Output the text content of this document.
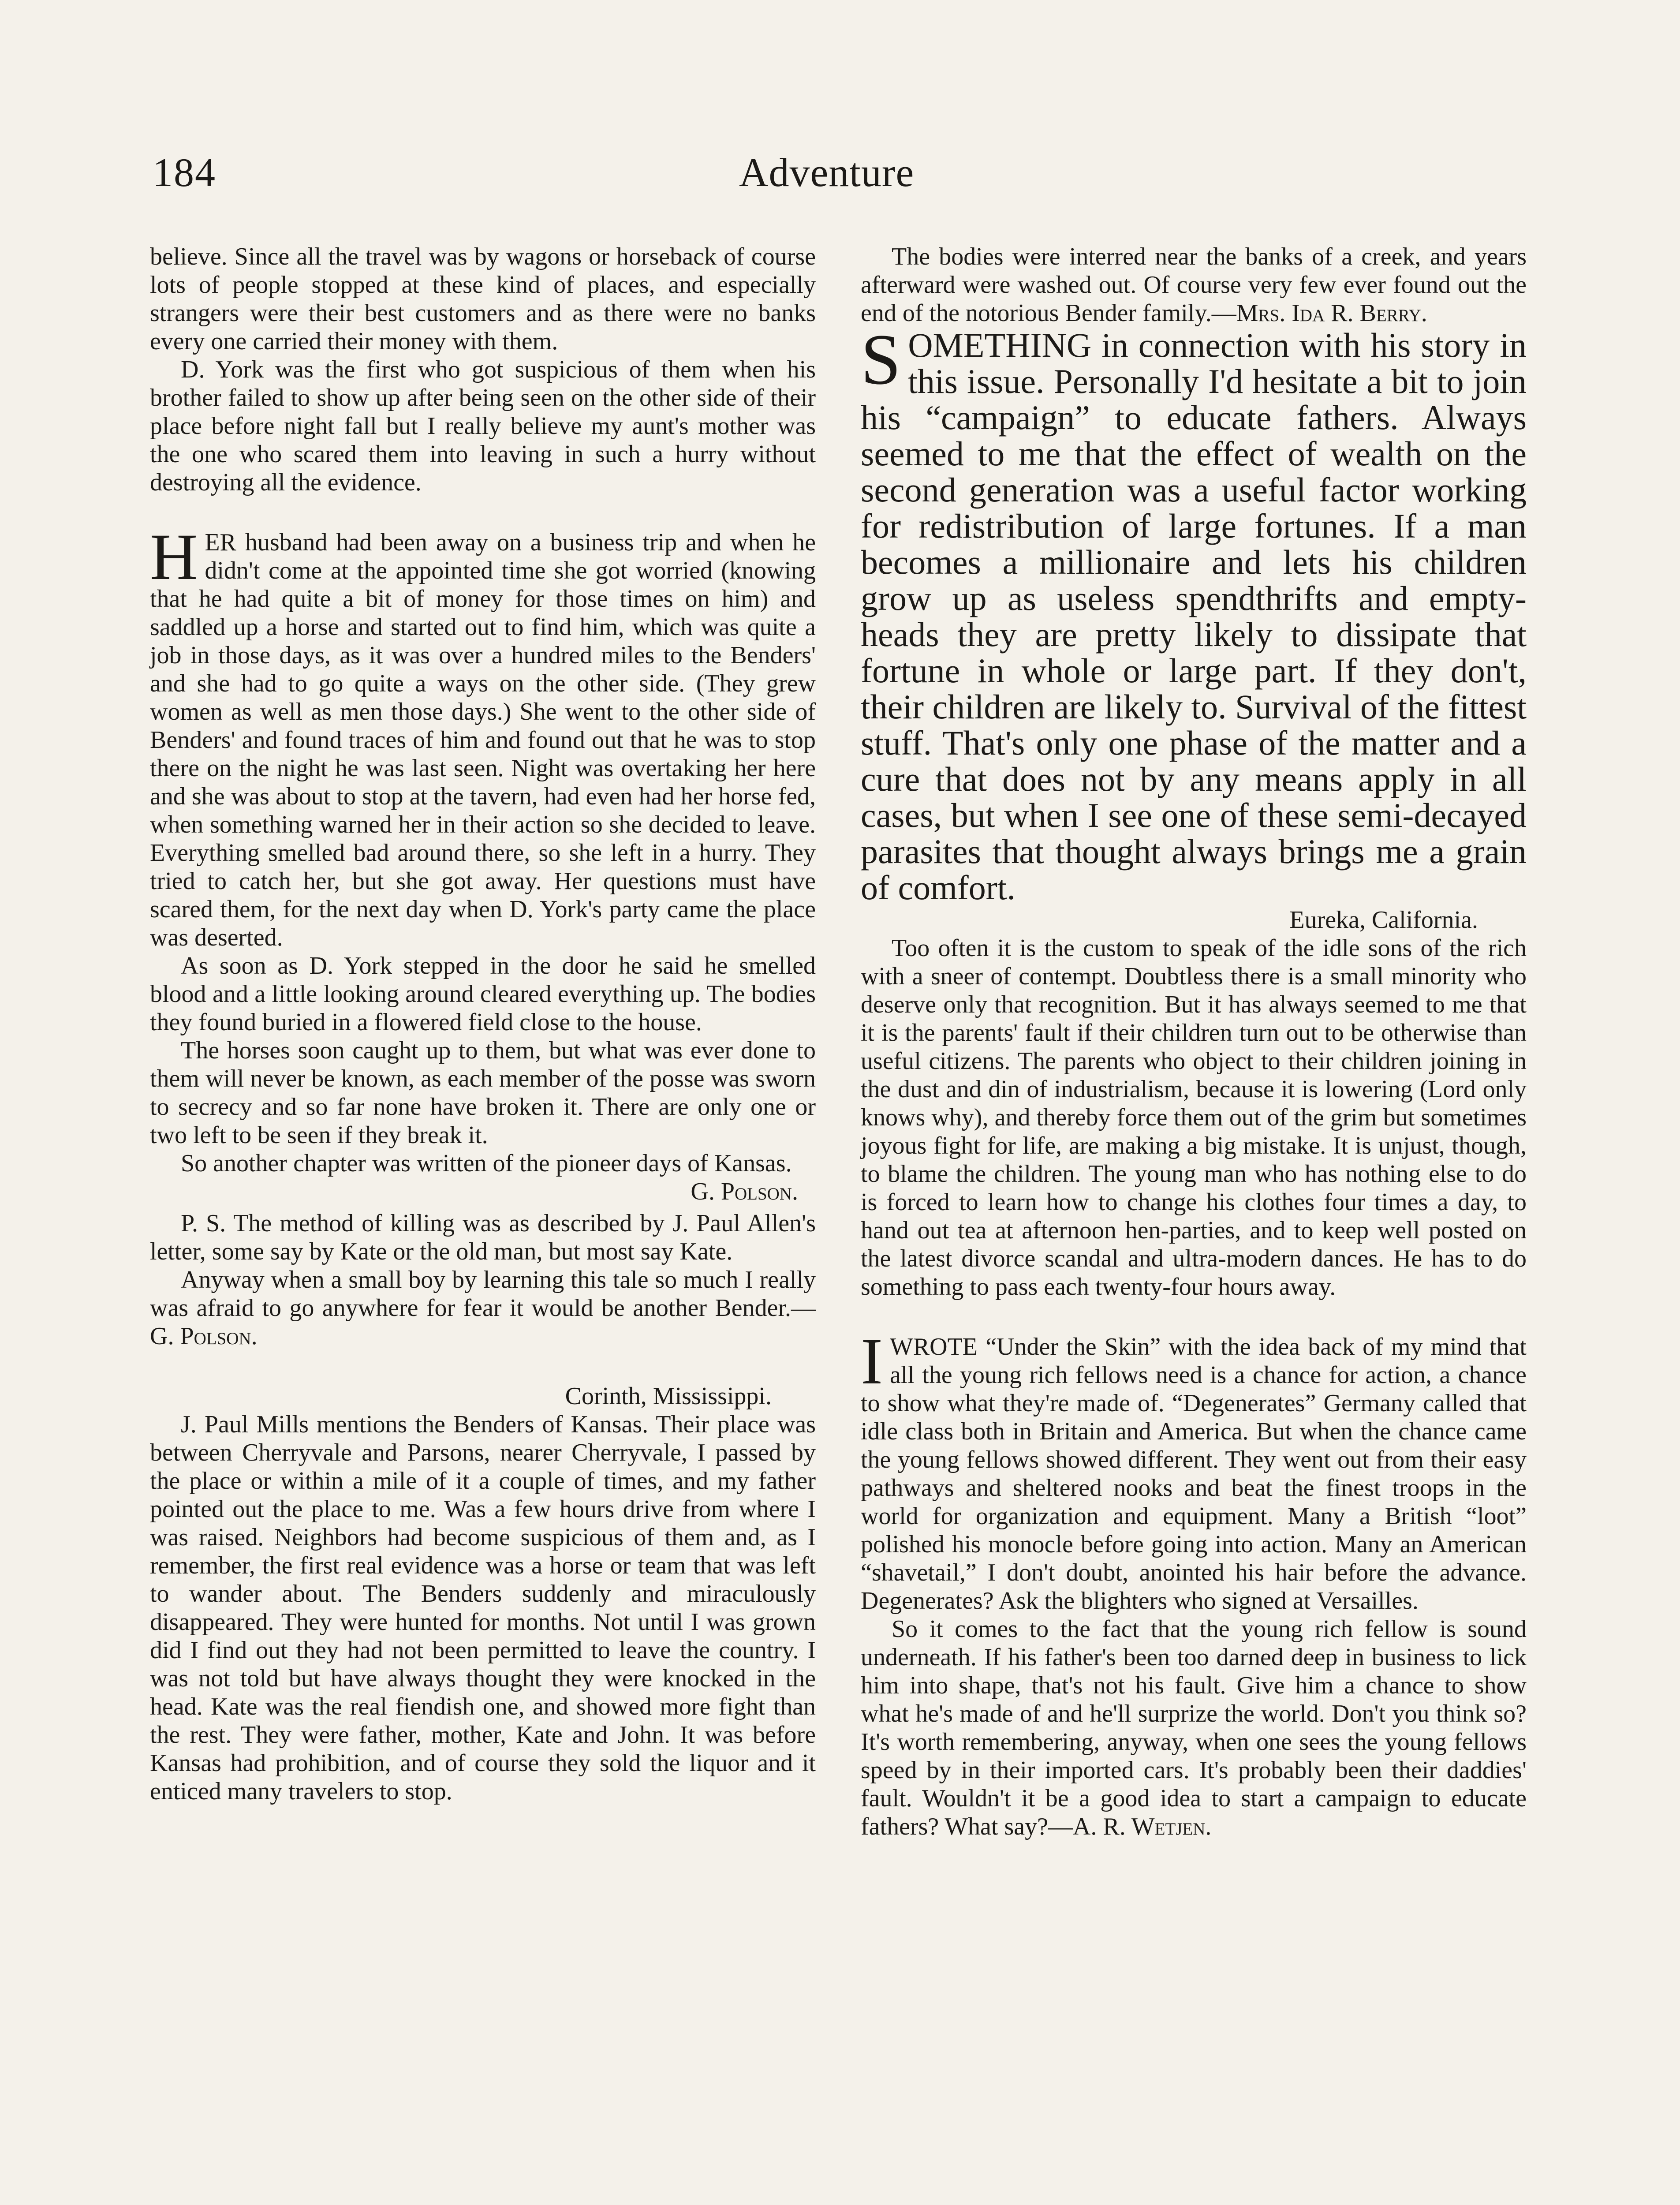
184	Adventure

believe. Since all the travel was by wagons or horseback of course lots of people stopped at these kind of places, and especially strangers were their best customers and as there were no banks every one carried their money with them.

D. York was the first who got suspicious of them when his brother failed to show up after being seen on the other side of their place before night fall but I really believe my aunt's mother was the one who scared them into leaving in such a hurry without destroying all the evidence.

HER husband had been away on a business trip and when he didn't come at the appointed time she got worried (knowing that he had quite a bit of money for those times on him) and saddled up a horse and started out to find him, which was quite a job in those days, as it was over a hundred miles to the Benders' and she had to go quite a ways on the other side. (They grew women as well as men those days.) She went to the other side of Benders' and found traces of him and found out that he was to stop there on the night he was last seen. Night was overtaking her here and she was about to stop at the tavern, had even had her horse fed, when something warned her in their action so she decided to leave. Everything smelled bad around there, so she left in a hurry. They tried to catch her, but she got away. Her questions must have scared them, for the next day when D. York's party came the place was deserted.

As soon as D. York stepped in the door he said he smelled blood and a little looking around cleared everything up. The bodies they found buried in a flowered field close to the house.

The horses soon caught up to them, but what was ever done to them will never be known, as each member of the posse was sworn to secrecy and so far none have broken it. There are only one or two left to be seen if they break it.

So another chapter was written of the pioneer days of Kansas.
G. Polson.

P. S. The method of killing was as described by J. Paul Allen's letter, some say by Kate or the old man, but most say Kate.

Anyway when a small boy by learning this tale so much I really was afraid to go anywhere for fear it would be another Bender.—G. Polson.

Corinth, Mississippi.

J. Paul Mills mentions the Benders of Kansas. Their place was between Cherryvale and Parsons, nearer Cherryvale, I passed by the place or within a mile of it a couple of times, and my father pointed out the place to me. Was a few hours drive from where I was raised. Neighbors had become suspicious of them and, as I remember, the first real evidence was a horse or team that was left to wander about. The Benders suddenly and miraculously disappeared. They were hunted for months. Not until I was grown did I find out they had not been permitted to leave the country. I was not told but have always thought they were knocked in the head. Kate was the real fiendish one, and showed more fight than the rest. They were father, mother, Kate and John. It was before Kansas had prohibition, and of course they sold the liquor and it enticed many travelers to stop.

The bodies were interred near the banks of a creek, and years afterward were washed out. Of course very few ever found out the end of the notorious Bender family.—Mrs. Ida R. Berry.

SOMETHING in connection with his story in this issue. Personally I'd hesitate a bit to join his “campaign” to educate fathers. Always seemed to me that the effect of wealth on the second generation was a useful factor working for redistribution of large fortunes. If a man becomes a millionaire and lets his children grow up as useless spendthrifts and empty-heads they are pretty likely to dissipate that fortune in whole or large part. If they don't, their children are likely to. Survival of the fittest stuff. That's only one phase of the matter and a cure that does not by any means apply in all cases, but when I see one of these semi-decayed parasites that thought always brings me a grain of comfort.

Eureka, California.

Too often it is the custom to speak of the idle sons of the rich with a sneer of contempt. Doubtless there is a small minority who deserve only that recognition. But it has always seemed to me that it is the parents' fault if their children turn out to be otherwise than useful citizens. The parents who object to their children joining in the dust and din of industrialism, because it is lowering (Lord only knows why), and thereby force them out of the grim but sometimes joyous fight for life, are making a big mistake. It is unjust, though, to blame the children. The young man who has nothing else to do is forced to learn how to change his clothes four times a day, to hand out tea at afternoon hen-parties, and to keep well posted on the latest divorce scandal and ultra-modern dances. He has to do something to pass each twenty-four hours away.

IWROTE “Under the Skin” with the idea back of my mind that all the young rich fellows need is a chance for action, a chance to show what they're made of. “Degenerates” Germany called that idle class both in Britain and America. But when the chance came the young fellows showed different. They went out from their easy pathways and sheltered nooks and beat the finest troops in the world for organization and equipment. Many a British “loot” polished his monocle before going into action. Many an American “shavetail,” I don't doubt, anointed his hair before the advance. Degenerates? Ask the blighters who signed at Versailles.

So it comes to the fact that the young rich fellow is sound underneath. If his father's been too darned deep in business to lick him into shape, that's not his fault. Give him a chance to show what he's made of and he'll surprize the world. Don't you think so? It's worth remembering, anyway, when one sees the young fellows speed by in their imported cars. It's probably been their daddies' fault. Wouldn't it be a good idea to start a campaign to educate fathers? What say?—A. R. Wetjen.
